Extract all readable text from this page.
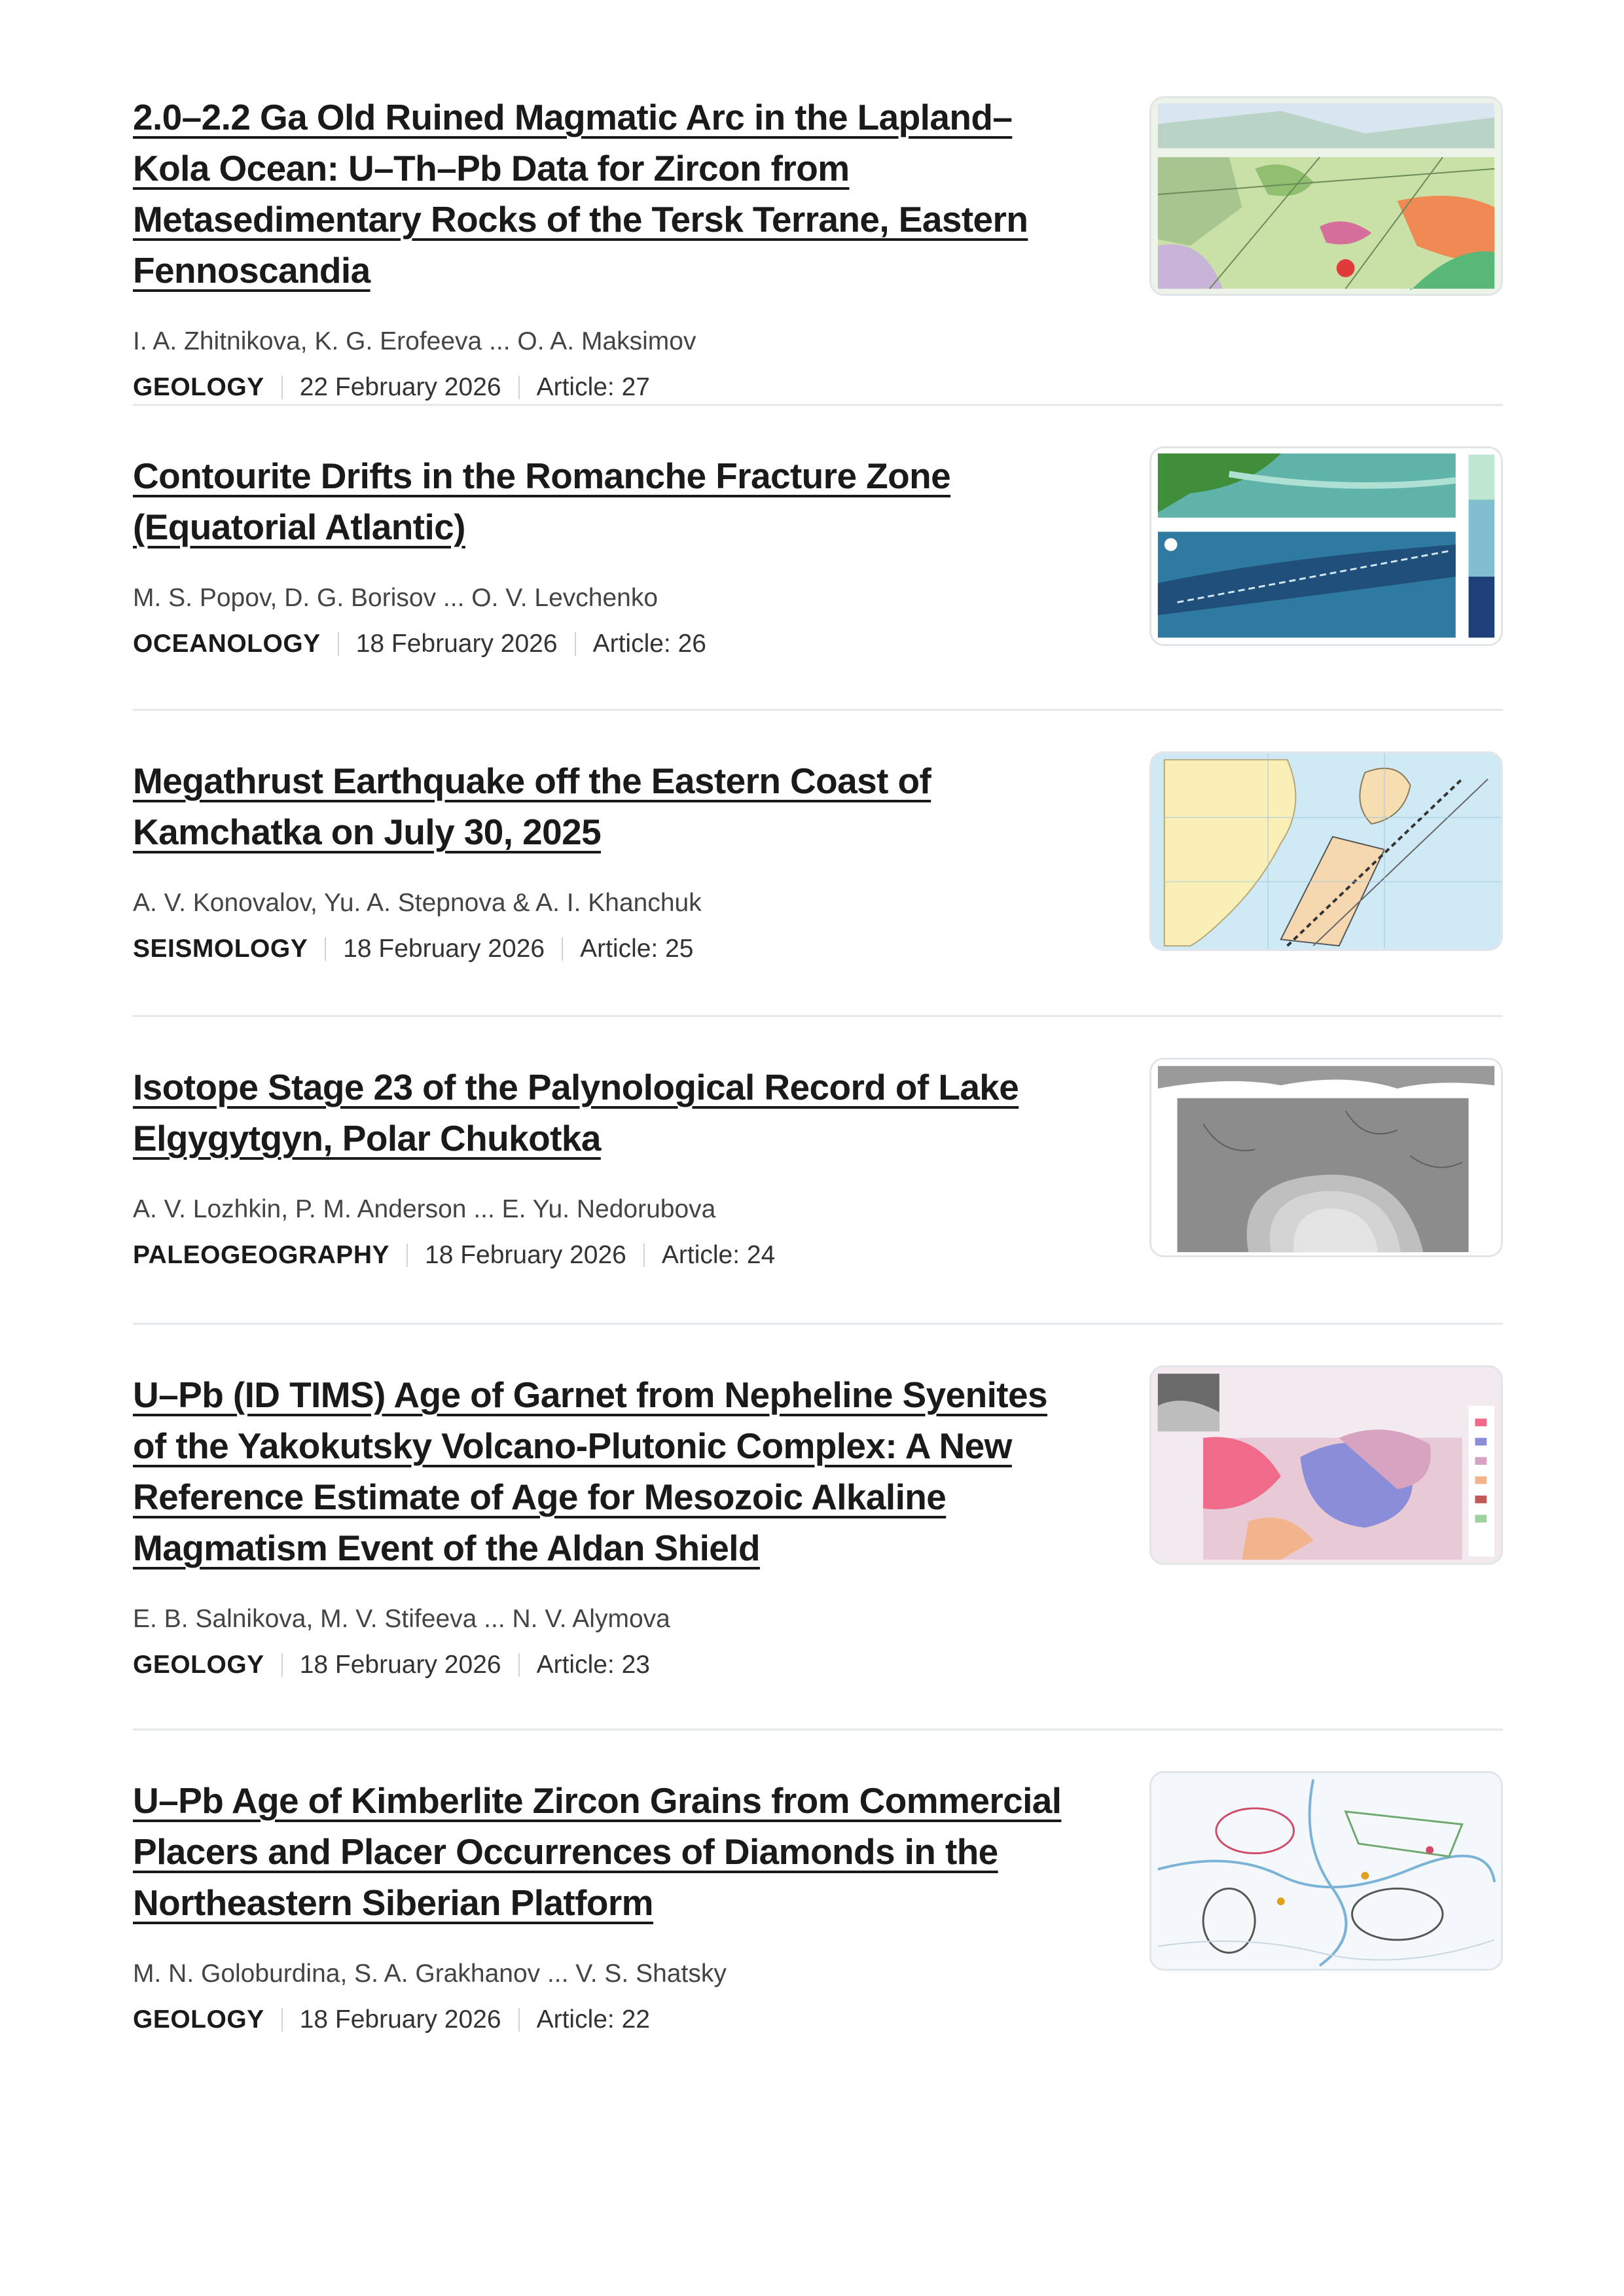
2.0–2.2 Ga Old Ruined Magmatic Arc in the Lapland–Kola Ocean: U–Th–Pb Data for Zircon from Metasedimentary Rocks of the Tersk Terrane, Eastern Fennoscandia
I. A. Zhitnikova, K. G. Erofeeva ... O. A. Maksimov
GEOLOGY 22 February 2026 Article: 27
Contourite Drifts in the Romanche Fracture Zone (Equatorial Atlantic)
M. S. Popov, D. G. Borisov ... O. V. Levchenko
OCEANOLOGY 18 February 2026 Article: 26
Megathrust Earthquake off the Eastern Coast of Kamchatka on July 30, 2025
A. V. Konovalov, Yu. A. Stepnova & A. I. Khanchuk
SEISMOLOGY 18 February 2026 Article: 25
Isotope Stage 23 of the Palynological Record of Lake Elgygytgyn, Polar Chukotka
A. V. Lozhkin, P. M. Anderson ... E. Yu. Nedorubova
PALEOGEOGRAPHY 18 February 2026 Article: 24
U–Pb (ID TIMS) Age of Garnet from Nepheline Syenites of the Yakokutsky Volcano-Plutonic Complex: A New Reference Estimate of Age for Mesozoic Alkaline Magmatism Event of the Aldan Shield
E. B. Salnikova, M. V. Stifeeva ... N. V. Alymova
GEOLOGY 18 February 2026 Article: 23
U–Pb Age of Kimberlite Zircon Grains from Commercial Placers and Placer Occurrences of Diamonds in the Northeastern Siberian Platform
M. N. Goloburdina, S. A. Grakhanov ... V. S. Shatsky
GEOLOGY 18 February 2026 Article: 22
